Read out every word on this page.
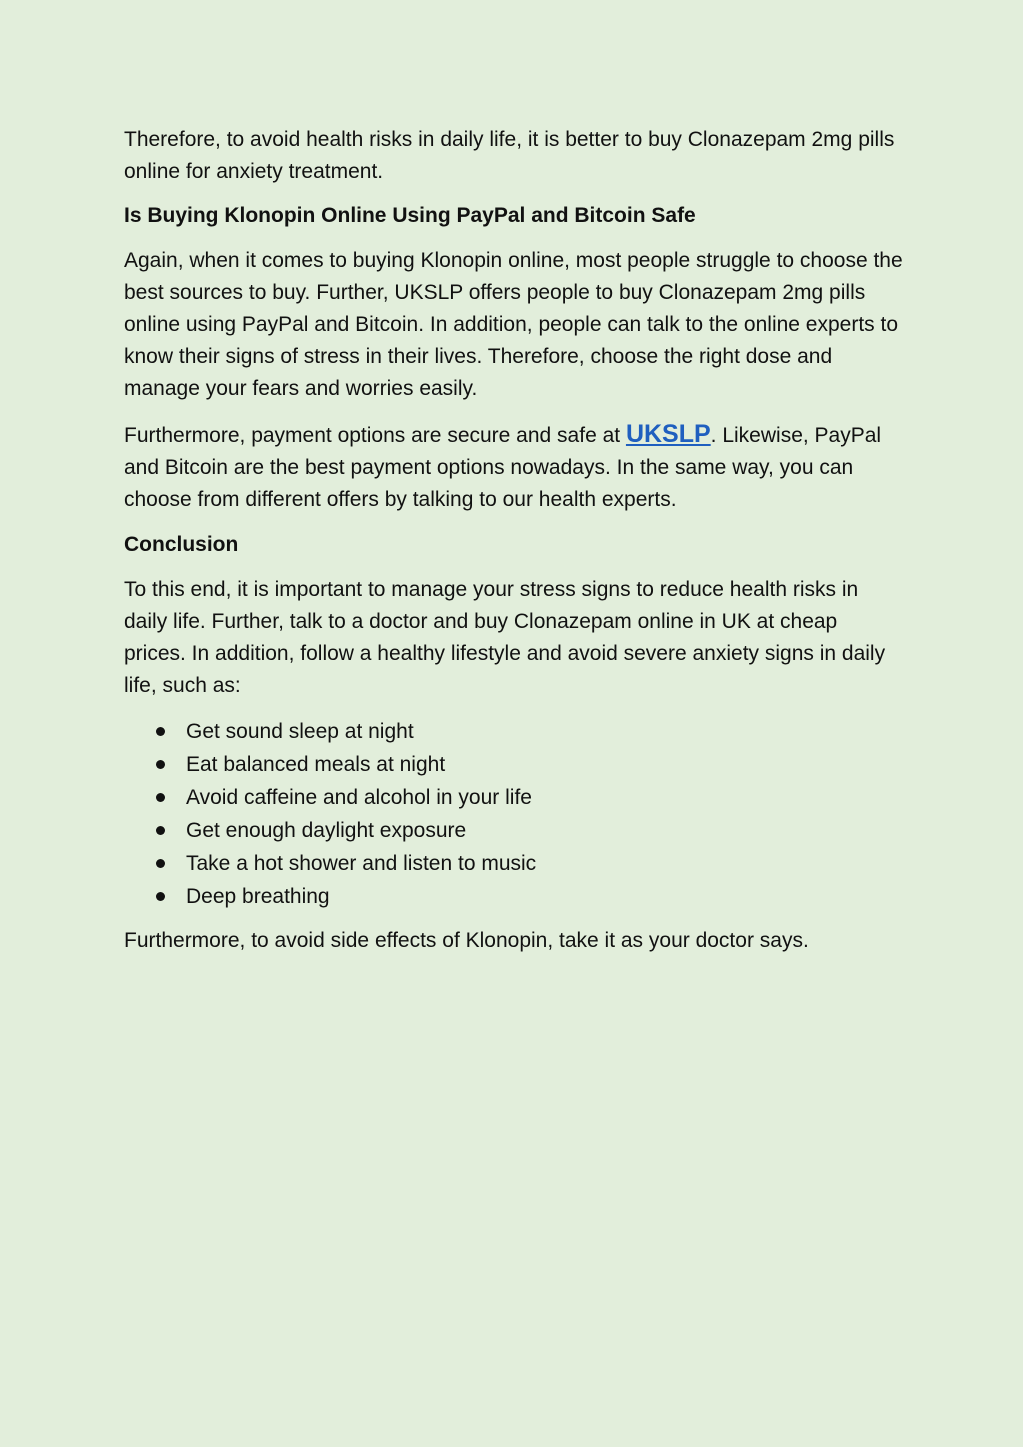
Therefore, to avoid health risks in daily life, it is better to buy Clonazepam 2mg pills online for anxiety treatment.

Is Buying Klonopin Online Using PayPal and Bitcoin Safe

Again, when it comes to buying Klonopin online, most people struggle to choose the best sources to buy. Further, UKSLP offers people to buy Clonazepam 2mg pills online using PayPal and Bitcoin. In addition, people can talk to the online experts to know their signs of stress in their lives. Therefore, choose the right dose and manage your fears and worries easily.

Furthermore, payment options are secure and safe at UKSLP. Likewise, PayPal and Bitcoin are the best payment options nowadays. In the same way, you can choose from different offers by talking to our health experts.

Conclusion

To this end, it is important to manage your stress signs to reduce health risks in daily life. Further, talk to a doctor and buy Clonazepam online in UK at cheap prices. In addition, follow a healthy lifestyle and avoid severe anxiety signs in daily life, such as:

Get sound sleep at night
Eat balanced meals at night
Avoid caffeine and alcohol in your life
Get enough daylight exposure
Take a hot shower and listen to music
Deep breathing

Furthermore, to avoid side effects of Klonopin, take it as your doctor says.
